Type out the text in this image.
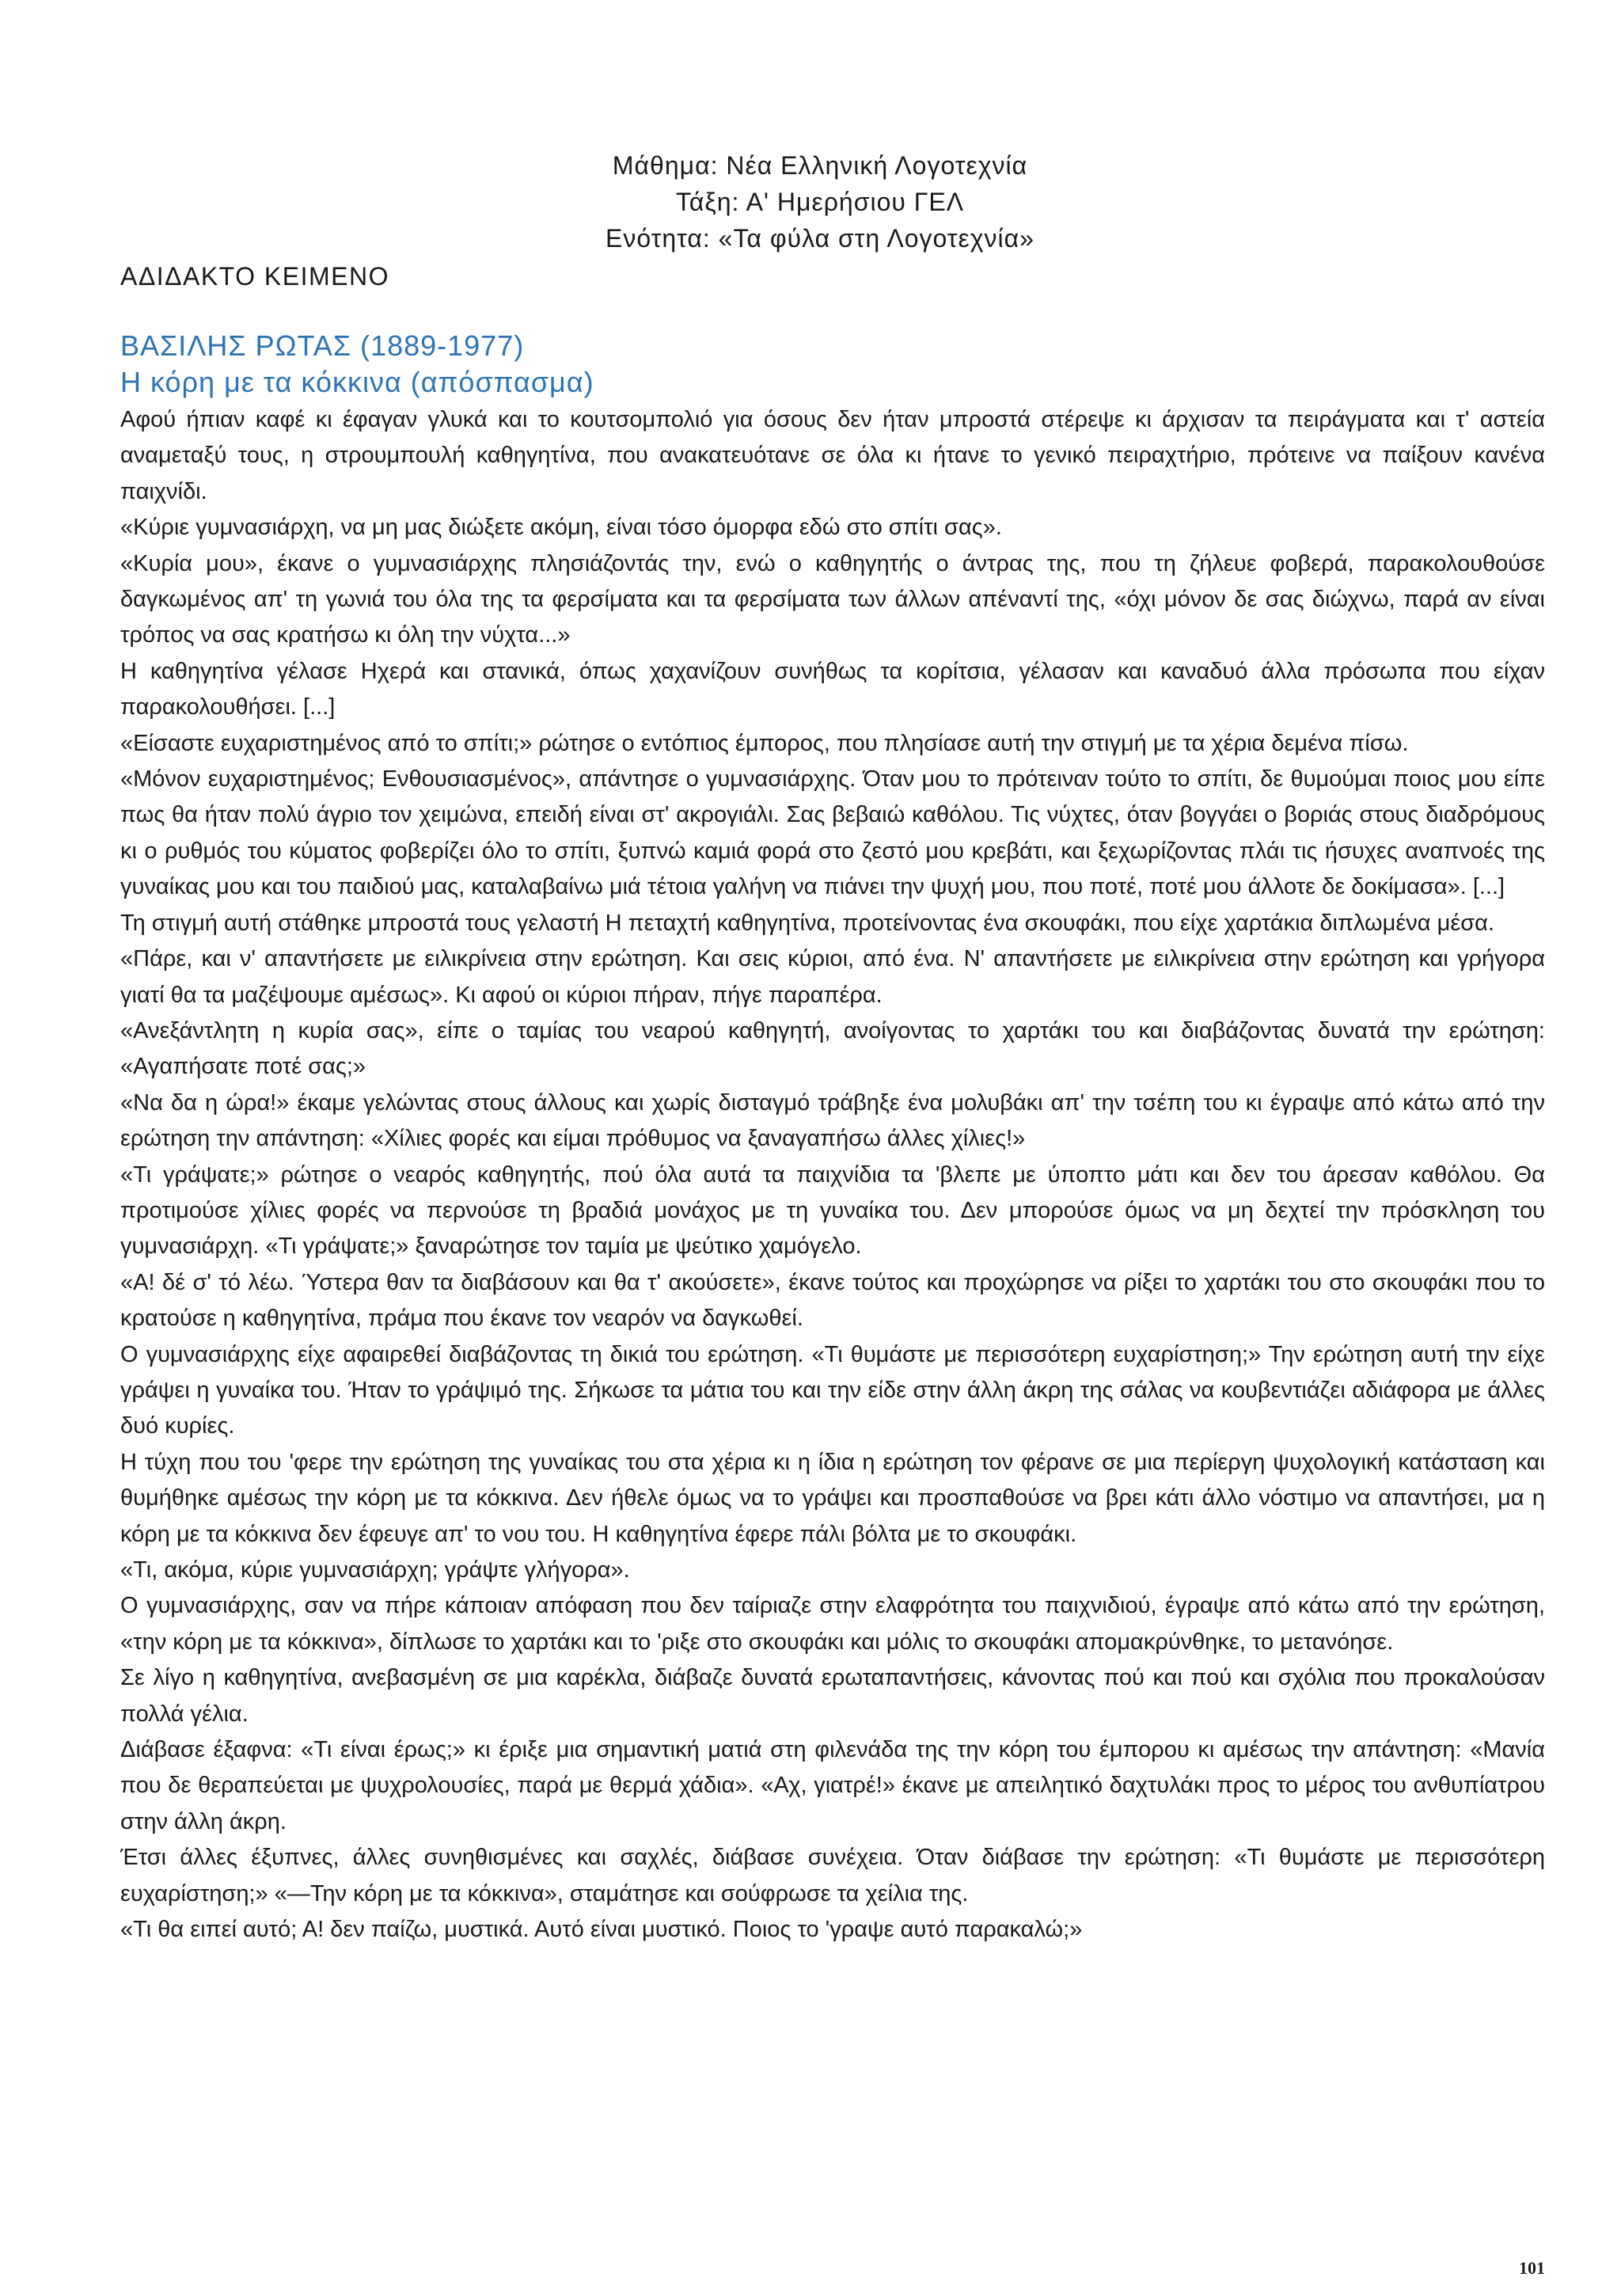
Μάθημα: Νέα Ελληνική Λογοτεχνία
Τάξη: Α' Ημερήσιου ΓΕΛ
Ενότητα: «Τα φύλα στη Λογοτεχνία»
ΑΔΙΔΑΚΤΟ ΚΕΙΜΕΝΟ
ΒΑΣΙΛΗΣ ΡΩΤΑΣ (1889-1977)
Η κόρη με τα κόκκινα (απόσπασμα)

Αφού ήπιαν καφέ κι έφαγαν γλυκά και το κουτσομπολιό για όσους δεν ήταν μπροστά στέρεψε κι άρχισαν τα πειράγματα και τ' αστεία αναμεταξύ τους, η στρουμπουλή καθηγητίνα, που ανακατευότανε σε όλα κι ήτανε το γενικό πειραχτήριο, πρότεινε να παίξουν κανένα παιχνίδι.

«Κύριε γυμνασιάρχη, να μη μας διώξετε ακόμη, είναι τόσο όμορφα εδώ στο σπίτι σας».

«Κυρία μου», έκανε ο γυμνασιάρχης πλησιάζοντάς την, ενώ ο καθηγητής ο άντρας της, που τη ζήλευε φοβερά, παρακολουθούσε δαγκωμένος απ' τη γωνιά του όλα της τα φερσίματα και τα φερσίματα των άλλων απέναντί της, «όχι μόνον δε σας διώχνω, παρά αν είναι τρόπος να σας κρατήσω κι όλη την νύχτα...»

Η καθηγητίνα γέλασε Ηχερά και στανικά, όπως χαχανίζουν συνήθως τα κορίτσια, γέλασαν και καναδυό άλλα πρόσωπα που είχαν παρακολουθήσει. [...]

«Είσαστε ευχαριστημένος από το σπίτι;» ρώτησε ο εντόπιος έμπορος, που πλησίασε αυτή την στιγμή με τα χέρια δεμένα πίσω.

«Μόνον ευχαριστημένος; Ενθουσιασμένος», απάντησε ο γυμνασιάρχης. Όταν μου το πρότειναν τούτο το σπίτι, δε θυμούμαι ποιος μου είπε πως θα ήταν πολύ άγριο τον χειμώνα, επειδή είναι στ' ακρογιάλι. Σας βεβαιώ καθόλου. Τις νύχτες, όταν βογγάει ο βοριάς στους διαδρόμους κι ο ρυθμός του κύματος φοβερίζει όλο το σπίτι, ξυπνώ καμιά φορά στο ζεστό μου κρεβάτι, και ξεχωρίζοντας πλάι τις ήσυχες αναπνοές της γυναίκας μου και του παιδιού μας, καταλαβαίνω μιά τέτοια γαλήνη να πιάνει την ψυχή μου, που ποτέ, ποτέ μου άλλοτε δε δοκίμασα». [...]

Τη στιγμή αυτή στάθηκε μπροστά τους γελαστή Η πεταχτή καθηγητίνα, προτείνοντας ένα σκουφάκι, που είχε χαρτάκια διπλωμένα μέσα.

«Πάρε, και ν' απαντήσετε με ειλικρίνεια στην ερώτηση. Και σεις κύριοι, από ένα. Ν' απαντήσετε με ειλικρίνεια στην ερώτηση και γρήγορα γιατί θα τα μαζέψουμε αμέσως». Κι αφού οι κύριοι πήραν, πήγε παραπέρα.

«Ανεξάντλητη η κυρία σας», είπε ο ταμίας του νεαρού καθηγητή, ανοίγοντας το χαρτάκι του και διαβάζοντας δυνατά την ερώτηση: «Αγαπήσατε ποτέ σας;»

«Να δα η ώρα!» έκαμε γελώντας στους άλλους και χωρίς δισταγμό τράβηξε ένα μολυβάκι απ' την τσέπη του κι έγραψε από κάτω από την ερώτηση την απάντηση: «Χίλιες φορές και είμαι πρόθυμος να ξαναγαπήσω άλλες χίλιες!»

«Τι γράψατε;» ρώτησε ο νεαρός καθηγητής, πού όλα αυτά τα παιχνίδια τα 'βλεπε με ύποπτο μάτι και δεν του άρεσαν καθόλου. Θα προτιμούσε χίλιες φορές να περνούσε τη βραδιά μονάχος με τη γυναίκα του. Δεν μπορούσε όμως να μη δεχτεί την πρόσκληση του γυμνασιάρχη. «Τι γράψατε;» ξαναρώτησε τον ταμία με ψεύτικο χαμόγελο.

«Α! δέ σ' τό λέω. Ύστερα θαν τα διαβάσουν και θα τ' ακούσετε», έκανε τούτος και προχώρησε να ρίξει το χαρτάκι του στο σκουφάκι που το κρατούσε η καθηγητίνα, πράμα που έκανε τον νεαρόν να δαγκωθεί.

Ο γυμνασιάρχης είχε αφαιρεθεί διαβάζοντας τη δικιά του ερώτηση. «Τι θυμάστε με περισσότερη ευχαρίστηση;» Την ερώτηση αυτή την είχε γράψει η γυναίκα του. Ήταν το γράψιμό της. Σήκωσε τα μάτια του και την είδε στην άλλη άκρη της σάλας να κουβεντιάζει αδιάφορα με άλλες δυό κυρίες.

Η τύχη που του 'φερε την ερώτηση της γυναίκας του στα χέρια κι η ίδια η ερώτηση τον φέρανε σε μια περίεργη ψυχολογική κατάσταση και θυμήθηκε αμέσως την κόρη με τα κόκκινα. Δεν ήθελε όμως να το γράψει και προσπαθούσε να βρει κάτι άλλο νόστιμο να απαντήσει, μα η κόρη με τα κόκκινα δεν έφευγε απ' το νου του. Η καθηγητίνα έφερε πάλι βόλτα με το σκουφάκι.

«Τι, ακόμα, κύριε γυμνασιάρχη; γράψτε γλήγορα».

Ο γυμνασιάρχης, σαν να πήρε κάποιαν απόφαση που δεν ταίριαζε στην ελαφρότητα του παιχνιδιού, έγραψε από κάτω από την ερώτηση, «την κόρη με τα κόκκινα», δίπλωσε το χαρτάκι και το 'ριξε στο σκουφάκι και μόλις το σκουφάκι απομακρύνθηκε, το μετανόησε.

Σε λίγο η καθηγητίνα, ανεβασμένη σε μια καρέκλα, διάβαζε δυνατά ερωταπαντήσεις, κάνοντας πού και πού και σχόλια που προκαλούσαν πολλά γέλια.

Διάβασε έξαφνα: «Τι είναι έρως;» κι έριξε μια σημαντική ματιά στη φιλενάδα της την κόρη του έμπορου κι αμέσως την απάντηση: «Μανία που δε θεραπεύεται με ψυχρολουσίες, παρά με θερμά χάδια». «Αχ, γιατρέ!» έκανε με απειλητικό δαχτυλάκι προς το μέρος του ανθυπίατρου στην άλλη άκρη.

Έτσι άλλες έξυπνες, άλλες συνηθισμένες και σαχλές, διάβασε συνέχεια. Όταν διάβασε την ερώτηση: «Τι θυμάστε με περισσότερη ευχαρίστηση;» «—Την κόρη με τα κόκκινα», σταμάτησε και σούφρωσε τα χείλια της.

«Τι θα ειπεί αυτό; Α! δεν παίζω, μυστικά. Αυτό είναι μυστικό. Ποιος το 'γραψε αυτό παρακαλώ;»

101
